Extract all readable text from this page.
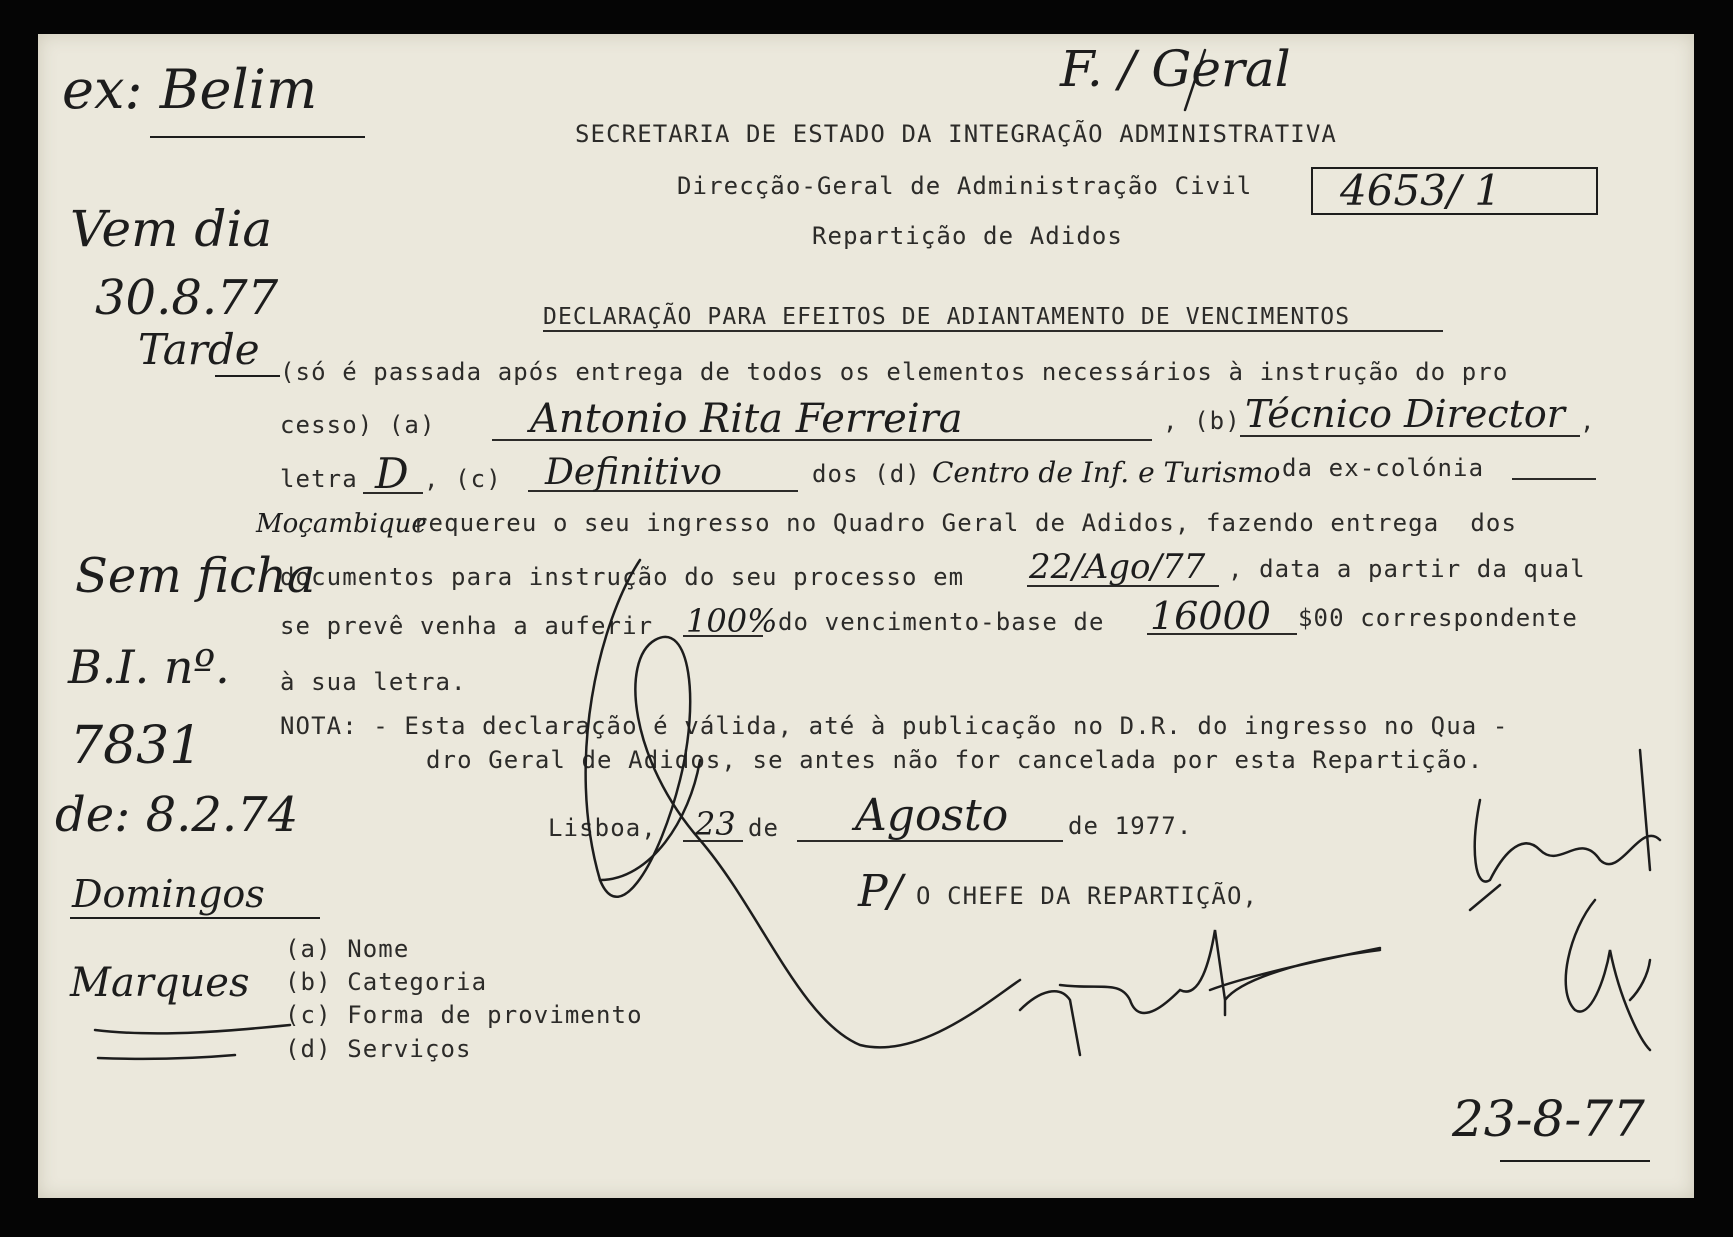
SECRETARIA DE ESTADO DA INTEGRAÇÃO ADMINISTRATIVA
Direcção-Geral de Administração Civil 4653/ 1
Repartição de Adidos
DECLARAÇÃO PARA EFEITOS DE ADIANTAMENTO DE VENCIMENTOS
(só é passada após entrega de todos os elementos necessários à instrução do pro
cesso) (a) Antonio Rita Ferreira	, (b) Técnico Director ,
letra D , (c) Definitivo	dos (d) Centro de Inf. e Turismo da ex-colónia
Moçambique
requereu o seu ingresso no Quadro Geral de Adidos, fazendo entrega  dos
documentos para instrução do seu processo em 22/Ago/77 , data a partir da qual
se prevê venha a auferir 100% do vencimento-base de 16000 $00 correspondente
à sua letra.
NOTA: - Esta declaração é válida, até à publicação no D.R. do ingresso no Qua -
dro Geral de Adidos, se antes não for cancelada por esta Repartição.
Lisboa, 23 de Agosto de 1977.
P/ O CHEFE DA REPARTIÇÃO,
(a) Nome
(b) Categoria
(c) Forma de provimento
(d) Serviços
ex: Belim	F. / Geral
Vem dia
30.8.77
Tarde
Sem ficha
B.I. nº.
7831
de: 8.2.74
Domingos
Marques
23-8-77
